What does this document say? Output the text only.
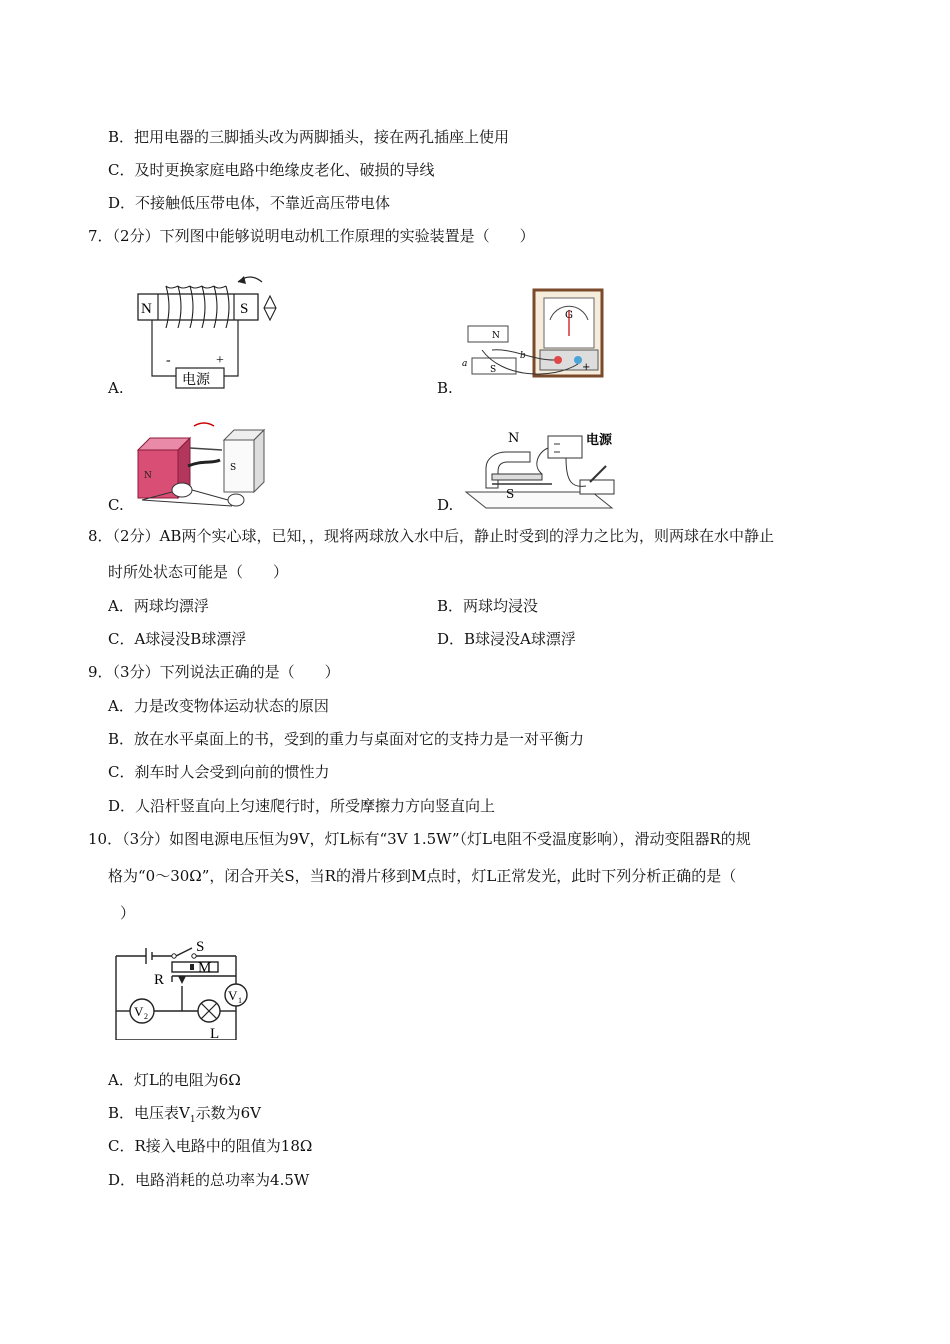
B．把用电器的三脚插头改为两脚插头，接在两孔插座上使用
C．及时更换家庭电路中绝缘皮老化、破损的导线
D．不接触低压带电体，不靠近高压带电体
7．（2分）下列图中能够说明电动机工作原理的实验装置是（　　）
A.
N	S
电源
-	+
B.
G
+
N
S
a
b
C.
N
S
D.
N
S
电源
8．（2分）AB两个实心球，已知，，现将两球放入水中后，静止时受到的浮力之比为，则两球在水中静止
时所处状态可能是（　　）
A．两球均漂浮	B．两球均浸没
C．A球浸没B球漂浮	D．B球浸没A球漂浮
9．（3分）下列说法正确的是（　　）
A．力是改变物体运动状态的原因
B．放在水平桌面上的书，受到的重力与桌面对它的支持力是一对平衡力
C．刹车时人会受到向前的惯性力
D．人沿杆竖直向上匀速爬行时，所受摩擦力方向竖直向上
10．（3分）如图电源电压恒为9V，灯L标有“3V 1.5W”（灯L电阻不受温度影响），滑动变阻器R的规
格为“0～30Ω”，闭合开关S，当R的滑片移到M点时，灯L正常发光，此时下列分析正确的是（
）
V 2
V 1
S
R
M
L
A．灯L的电阻为6Ω
B．电压表$V_1$示数为6V
C．R接入电路中的阻值为18Ω
D．电路消耗的总功率为4.5W
